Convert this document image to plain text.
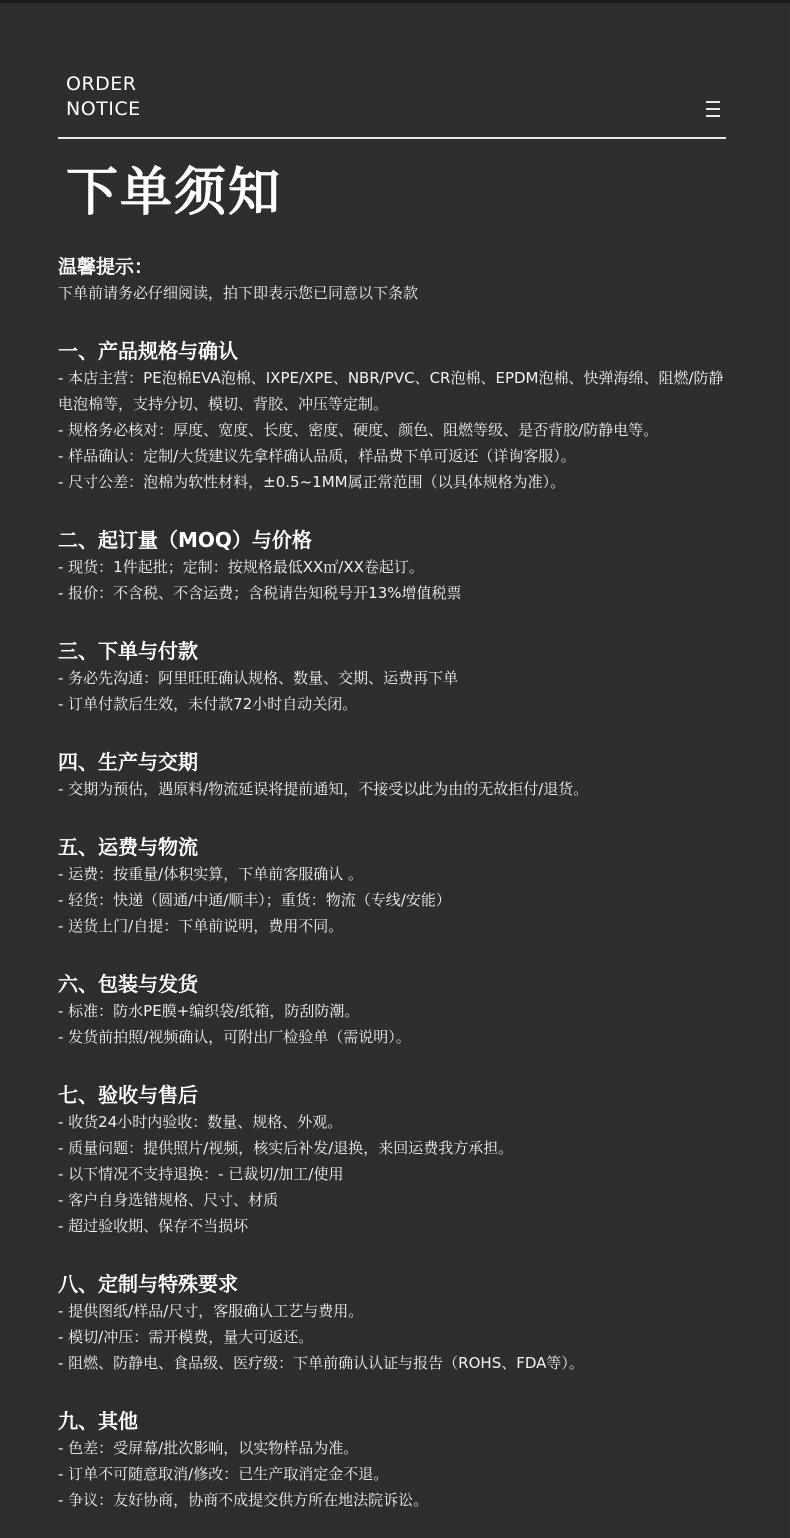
ORDER

NOTICE

下单须知

温馨提示：

下单前请务必仔细阅读，拍下即表示您已同意以下条款

一、产品规格与确认
- 本店主营：PE泡棉EVA泡棉、IXPE/XPE、NBR/PVC、CR泡棉、EPDM泡棉、快弹海绵、阻燃/防静电泡棉等，支持分切、模切、背胶、冲压等定制。
- 规格务必核对：厚度、宽度、长度、密度、硬度、颜色、阻燃等级、是否背胶/防静电等。
- 样品确认：定制/大货建议先拿样确认品质，样品费下单可返还（详询客服）。
- 尺寸公差：泡棉为软性材料，±0.5~1MM属正常范围（以具体规格为准）。
二、起订量（MOQ）与价格
- 现货：1件起批；定制：按规格最低XX㎡/XX卷起订。
- 报价：不含税、不含运费；含税请告知税号开13%增值税票
三、下单与付款
- 务必先沟通：阿里旺旺确认规格、数量、交期、运费再下单
- 订单付款后生效，未付款72小时自动关闭。
四、生产与交期
- 交期为预估，遇原料/物流延误将提前通知，不接受以此为由的无故拒付/退货。
五、运费与物流
- 运费：按重量/体积实算，下单前客服确认 。
- 轻货：快递（圆通/中通/顺丰）；重货：物流（专线/安能）
- 送货上门/自提：下单前说明，费用不同。
六、包装与发货
- 标准：防水PE膜+编织袋/纸箱，防刮防潮。
- 发货前拍照/视频确认，可附出厂检验单（需说明）。
七、验收与售后
- 收货24小时内验收：数量、规格、外观。
- 质量问题：提供照片/视频，核实后补发/退换，来回运费我方承担。
- 以下情况不支持退换：- 已裁切/加工/使用
- 客户自身选错规格、尺寸、材质
- 超过验收期、保存不当损坏
八、定制与特殊要求
- 提供图纸/样品/尺寸，客服确认工艺与费用。
- 模切/冲压：需开模费，量大可返还。
- 阻燃、防静电、食品级、医疗级：下单前确认认证与报告（ROHS、FDA等）。
九、其他
- 色差：受屏幕/批次影响，以实物样品为准。
- 订单不可随意取消/修改：已生产取消定金不退。
- 争议：友好协商，协商不成提交供方所在地法院诉讼。
